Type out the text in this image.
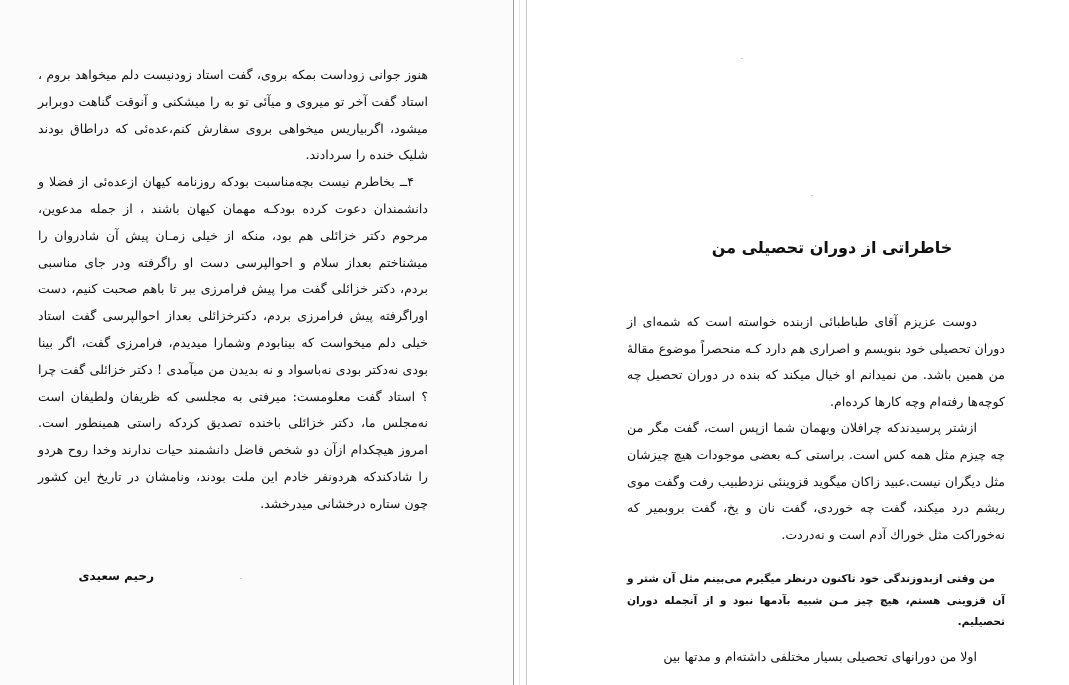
هنوز جوانی زوداست بمکه بروی، گفت استاد زودنیست دلم میخواهد بروم ، استاد گفت آخر تو میروی و میآئی تو به را میشکنی و آنوقت گناهت دوبرابر میشود، اگربیاریس میخواهی بروی سفارش کنم،عده‌ئی که دراطاق بودند شلیک خنده را سردادند.

۴ــ بخاطرم نیست بچه‌مناسبت بودکه روزنامه کیهان ازعده‌ئی از فضلا و دانشمندان دعوت کرده بودکـه مهمان کیهان باشند ، از جمله مدعوین، مرحوم دکتر خزائلی هم بود، منکه از خیلی زمـان پیش آن شادروان را میشناختم بعداز سلام و احوالپرسی دست او راگرفته ودر جای مناسبی بردم، دکتر خزائلی گفت مرا پیش فرامرزی ببر تا باهم صحبت کنیم، دست اوراگرفته پیش فرامرزی بردم، دکترخزائلی بعداز احوالپرسی گفت استاد خیلی دلم میخواست که بینابودم وشمارا میدیدم، فرامرزی گفت، اگر بینا بودی نه‌دکتر بودی نه‌باسواد و نه بدیدن من میآمدی ! دکتر خزائلی گفت چرا ؟ استاد گفت معلومست: میرفتی به مجلسی که ظریفان ولطیفان است نه‌مجلس ما، دکتر خزائلی باخنده تصدیق کردکه راستی همینطور است. امروز هیچکدام ازآن دو شخص فاضل دانشمند حیات ندارند وخدا روح هردو را شادکندکه هردونفر خادم این ملت بودند، ونامشان در تاریخ این کشور چون ستاره درخشانی میدرخشد.

رحیم سعیدی
خاطراتی از دوران تحصیلی من

دوست عزیزم آقای طباطبائی ازبنده خواسته است که شمه‌ای از دوران تحصیلی خود بنویسم و اصراری هم دارد کـه منحصراً موضوع مقالهٔ من همین باشد. من نمیدانم او خیال میکند که بنده در دوران تحصیل چه کوچه‌ها رفته‌ام وچه کارها کرده‌ام.

ازشتر پرسیدندکه چرافلان وبهمان شما ازپس است، گفت مگر من چه چیزم مثل همه کس است. براستی کـه بعضی موجودات هیچ چیزشان مثل دیگران نیست.عبید زاکان میگوید قزوینئی نزدطبیب رفت وگفت موی ریشم درد میکند، گفت چه خوردی، گفت نان و یخ، گفت بروبمیر که نه‌خوراکت مثل خوراك آدم است و نه‌دردت.

من وقتی ازبدوزندگی خود تاکنون درنظر میگیرم می‌بینم مثل آن شتر و آن قزوینی هستم، هیچ چیز مـن شبیه بآدمها نبود و از آنجمله دوران تحصیلیم.
اولا من دورانهای تحصیلی بسیار مختلفی داشته‌ام و مدتها بین
